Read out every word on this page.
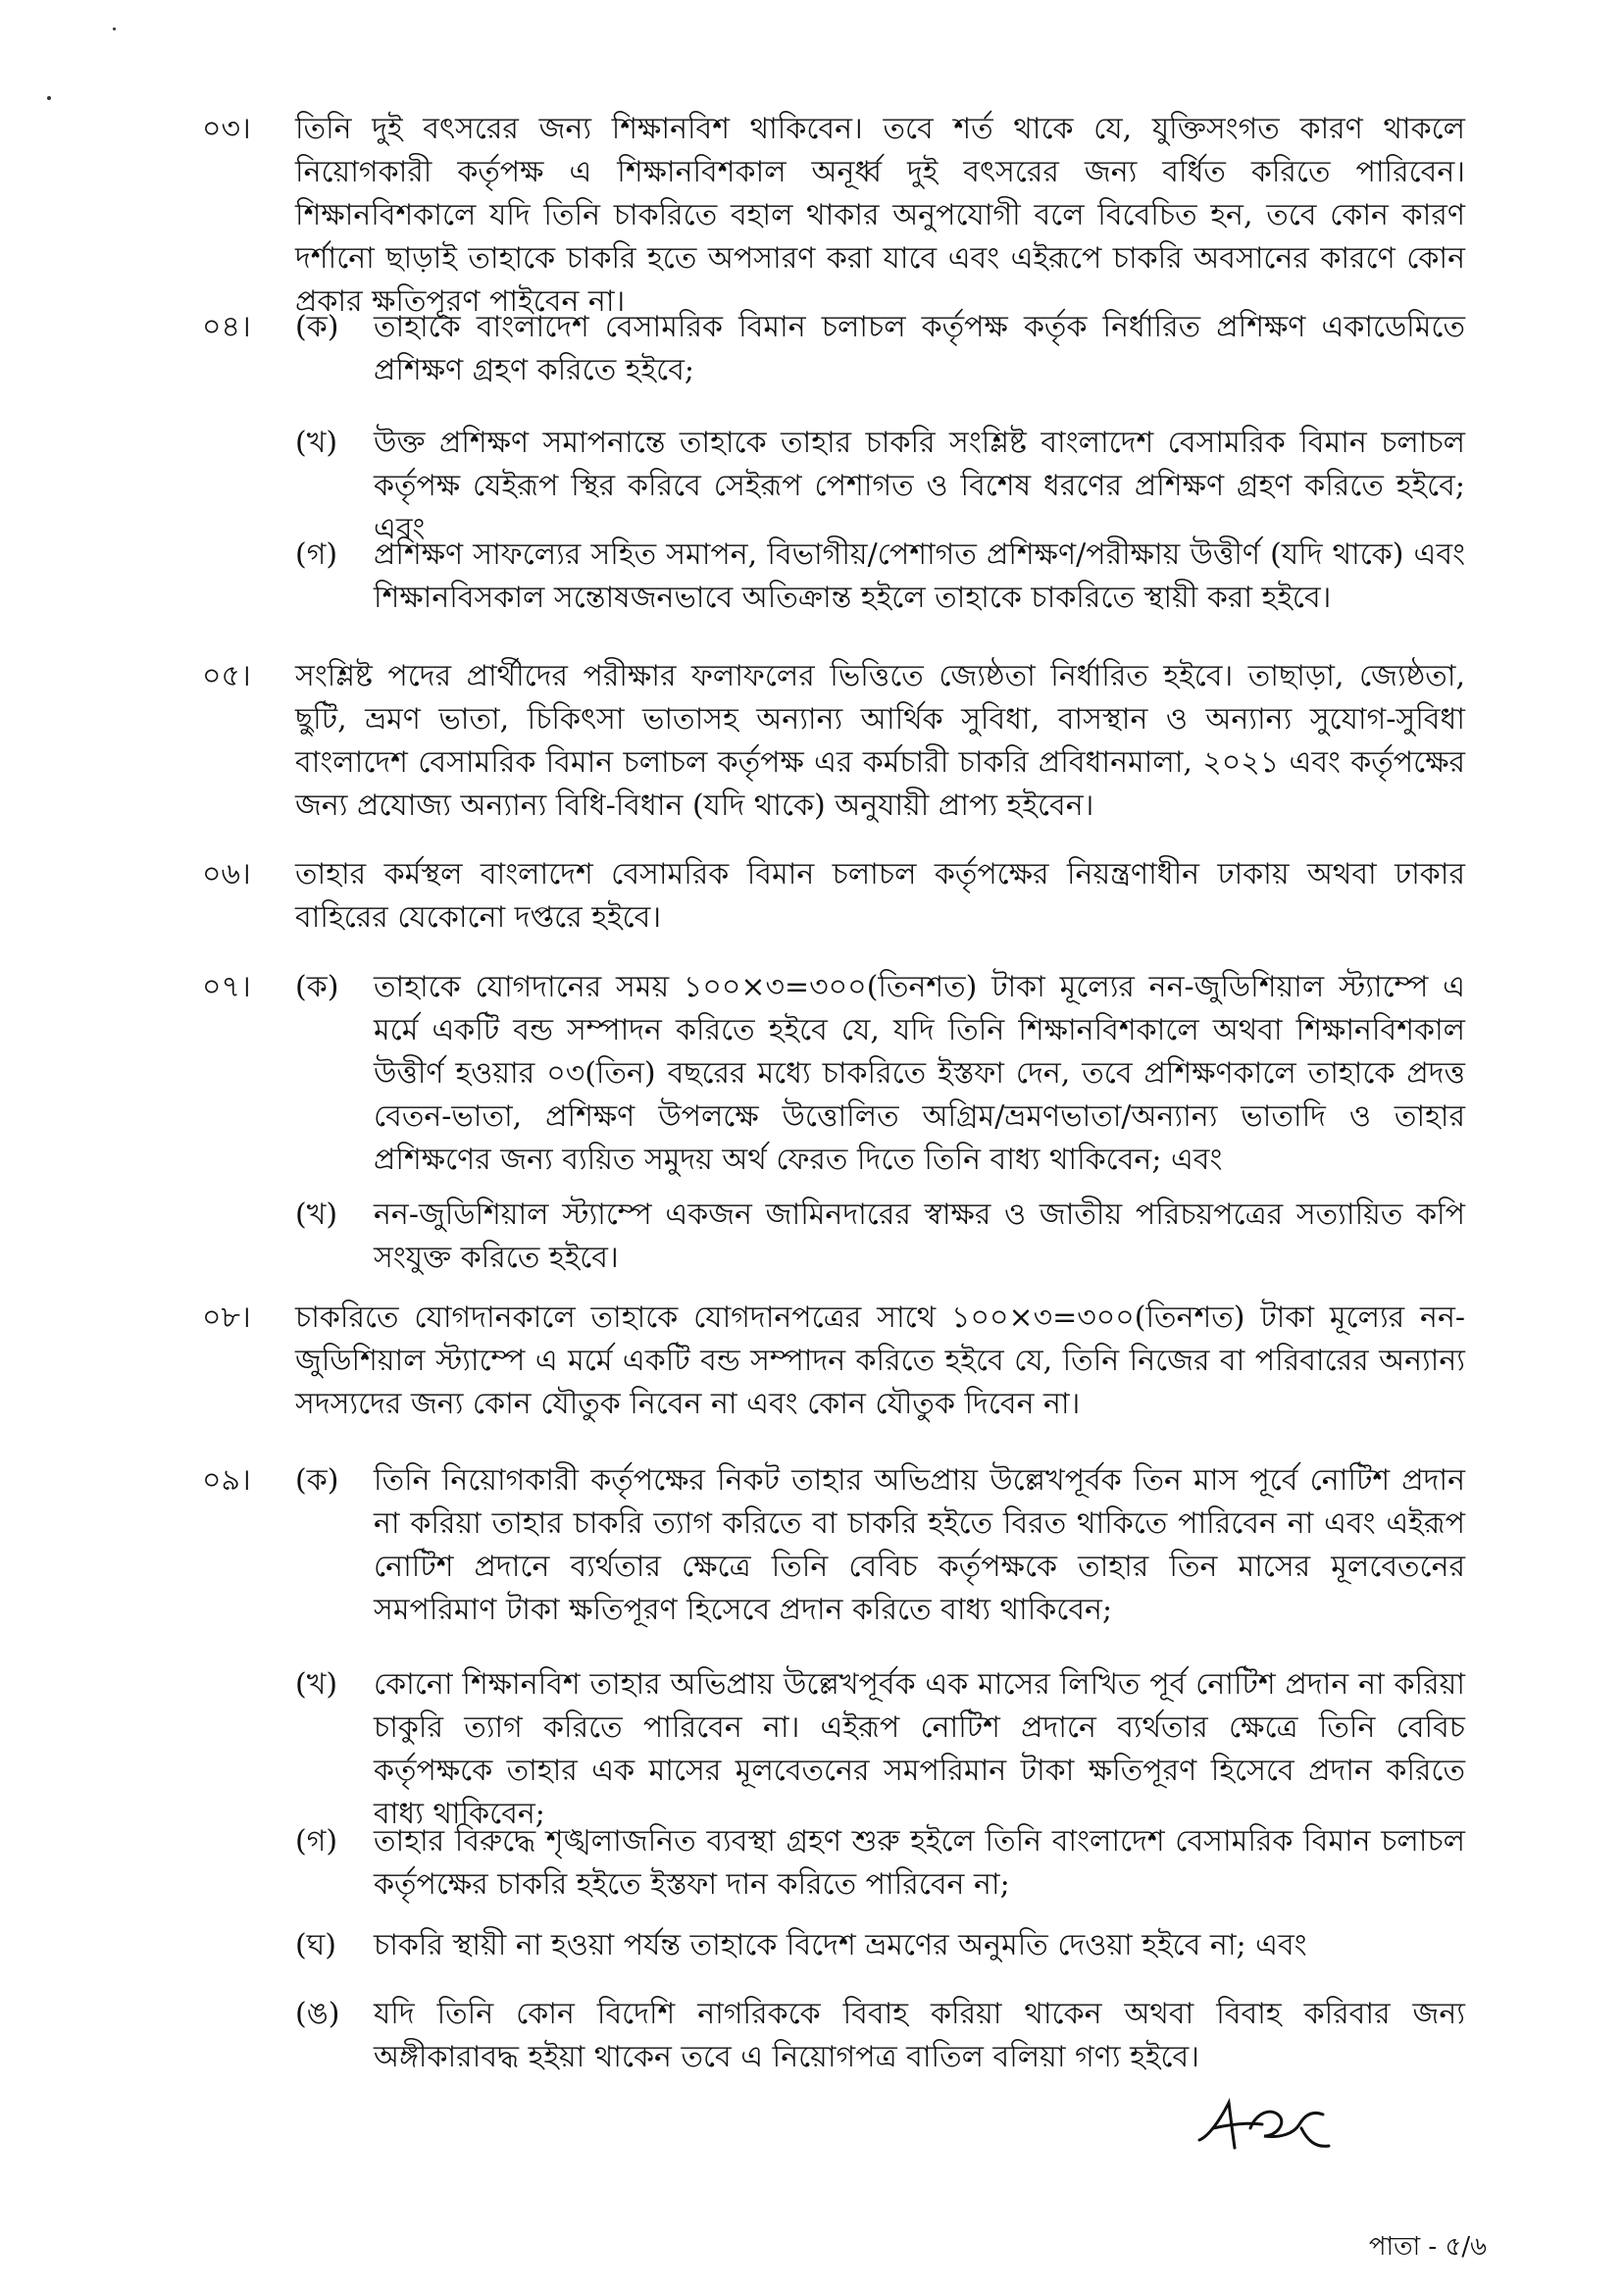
০৩।	তিনি দুই বৎসরের জন্য শিক্ষানবিশ থাকিবেন। তবে শর্ত থাকে যে, যুক্তিসংগত কারণ থাকলে নিয়োগকারী কর্তৃপক্ষ এ শিক্ষানবিশকাল অনূর্ধ্ব দুই বৎসরের জন্য বর্ধিত করিতে পারিবেন। শিক্ষানবিশকালে যদি তিনি চাকরিতে বহাল থাকার অনুপযোগী বলে বিবেচিত হন, তবে কোন কারণ দর্শানো ছাড়াই তাহাকে চাকরি হতে অপসারণ করা যাবে এবং এইরূপে চাকরি অবসানের কারণে কোন প্রকার ক্ষতিপূরণ পাইবেন না।
০৪।	(ক)	তাহাকে বাংলাদেশ বেসামরিক বিমান চলাচল কর্তৃপক্ষ কর্তৃক নির্ধারিত প্রশিক্ষণ একাডেমিতে প্রশিক্ষণ গ্রহণ করিতে হইবে;
(খ)	উক্ত প্রশিক্ষণ সমাপনান্তে তাহাকে তাহার চাকরি সংশ্লিষ্ট বাংলাদেশ বেসামরিক বিমান চলাচল কর্তৃপক্ষ যেইরূপ স্থির করিবে সেইরূপ পেশাগত ও বিশেষ ধরণের প্রশিক্ষণ গ্রহণ করিতে হইবে; এবং
(গ)	প্রশিক্ষণ সাফল্যের সহিত সমাপন, বিভাগীয়/পেশাগত প্রশিক্ষণ/পরীক্ষায় উত্তীর্ণ (যদি থাকে) এবং শিক্ষানবিসকাল সন্তোষজনভাবে অতিক্রান্ত হইলে তাহাকে চাকরিতে স্থায়ী করা হইবে।
০৫।	সংশ্লিষ্ট পদের প্রার্থীদের পরীক্ষার ফলাফলের ভিত্তিতে জ্যেষ্ঠতা নির্ধারিত হইবে। তাছাড়া, জ্যেষ্ঠতা, ছুটি, ভ্রমণ ভাতা, চিকিৎসা ভাতাসহ অন্যান্য আর্থিক সুবিধা, বাসস্থান ও অন্যান্য সুযোগ-সুবিধা বাংলাদেশ বেসামরিক বিমান চলাচল কর্তৃপক্ষ এর কর্মচারী চাকরি প্রবিধানমালা, ২০২১ এবং কর্তৃপক্ষের জন্য প্রযোজ্য অন্যান্য বিধি-বিধান (যদি থাকে) অনুযায়ী প্রাপ্য হইবেন।
০৬।	তাহার কর্মস্থল বাংলাদেশ বেসামরিক বিমান চলাচল কর্তৃপক্ষের নিয়ন্ত্রণাধীন ঢাকায় অথবা ঢাকার বাহিরের যেকোনো দপ্তরে হইবে।
০৭।	(ক)	তাহাকে যোগদানের সময় ১০০×৩=৩০০(তিনশত) টাকা মূল্যের নন-জুডিশিয়াল স্ট্যাম্পে এ মর্মে একটি বন্ড সম্পাদন করিতে হইবে যে, যদি তিনি শিক্ষানবিশকালে অথবা শিক্ষানবিশকাল উত্তীর্ণ হওয়ার ০৩(তিন) বছরের মধ্যে চাকরিতে ইস্তফা দেন, তবে প্রশিক্ষণকালে তাহাকে প্রদত্ত বেতন-ভাতা, প্রশিক্ষণ উপলক্ষে উত্তোলিত অগ্রিম/ভ্রমণভাতা/অন্যান্য ভাতাদি ও তাহার প্রশিক্ষণের জন্য ব্যয়িত সমুদয় অর্থ ফেরত দিতে তিনি বাধ্য থাকিবেন; এবং
(খ)	নন-জুডিশিয়াল স্ট্যাম্পে একজন জামিনদারের স্বাক্ষর ও জাতীয় পরিচয়পত্রের সত্যায়িত কপি সংযুক্ত করিতে হইবে।
০৮।	চাকরিতে যোগদানকালে তাহাকে যোগদানপত্রের সাথে ১০০×৩=৩০০(তিনশত) টাকা মূল্যের নন-জুডিশিয়াল স্ট্যাম্পে এ মর্মে একটি বন্ড সম্পাদন করিতে হইবে যে, তিনি নিজের বা পরিবারের অন্যান্য সদস্যদের জন্য কোন যৌতুক নিবেন না এবং কোন যৌতুক দিবেন না।
০৯।	(ক)	তিনি নিয়োগকারী কর্তৃপক্ষের নিকট তাহার অভিপ্রায় উল্লেখপূর্বক তিন মাস পূর্বে নোটিশ প্রদান না করিয়া তাহার চাকরি ত্যাগ করিতে বা চাকরি হইতে বিরত থাকিতে পারিবেন না এবং এইরূপ নোটিশ প্রদানে ব্যর্থতার ক্ষেত্রে তিনি বেবিচ কর্তৃপক্ষকে তাহার তিন মাসের মূলবেতনের সমপরিমাণ টাকা ক্ষতিপূরণ হিসেবে প্রদান করিতে বাধ্য থাকিবেন;
(খ)	কোনো শিক্ষানবিশ তাহার অভিপ্রায় উল্লেখপূর্বক এক মাসের লিখিত পূর্ব নোটিশ প্রদান না করিয়া চাকুরি ত্যাগ করিতে পারিবেন না। এইরূপ নোটিশ প্রদানে ব্যর্থতার ক্ষেত্রে তিনি বেবিচ কর্তৃপক্ষকে তাহার এক মাসের মূলবেতনের সমপরিমান টাকা ক্ষতিপূরণ হিসেবে প্রদান করিতে বাধ্য থাকিবেন;
(গ)	তাহার বিরুদ্ধে শৃঙ্খলাজনিত ব্যবস্থা গ্রহণ শুরু হইলে তিনি বাংলাদেশ বেসামরিক বিমান চলাচল কর্তৃপক্ষের চাকরি হইতে ইস্তফা দান করিতে পারিবেন না;
(ঘ)	চাকরি স্থায়ী না হওয়া পর্যন্ত তাহাকে বিদেশ ভ্রমণের অনুমতি দেওয়া হইবে না; এবং
(ঙ)	যদি তিনি কোন বিদেশি নাগরিককে বিবাহ করিয়া থাকেন অথবা বিবাহ করিবার জন্য অঙ্গীকারাবদ্ধ হইয়া থাকেন তবে এ নিয়োগপত্র বাতিল বলিয়া গণ্য হইবে।
পাতা - ৫/৬
